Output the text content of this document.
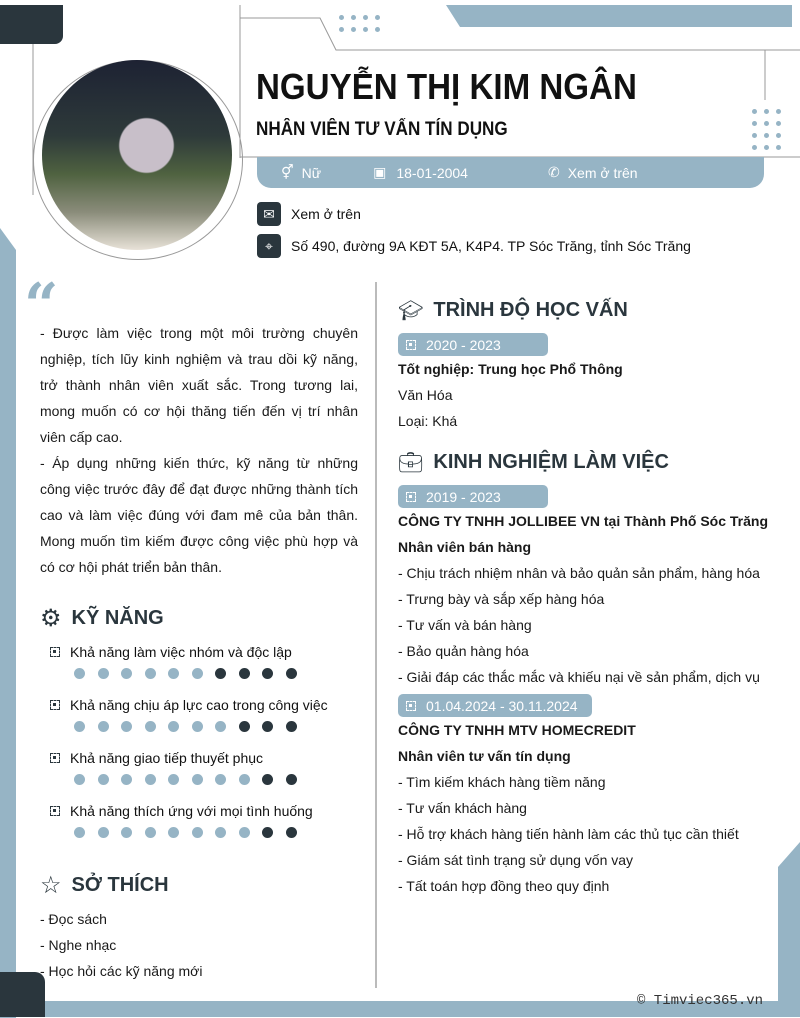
NGUYỄN THỊ KIM NGÂN
NHÂN VIÊN TƯ VẤN TÍN DỤNG
⚥ Nữ	▣ 18-01-2004	✆ Xem ở trên
✉	Xem ở trên
⌖	Số 490, đường 9A KĐT 5A, K4P4. TP Sóc Trăng, tỉnh Sóc Trăng
“

- Được làm việc trong một môi trường chuyên nghiệp, tích lũy kinh nghiệm và trau dồi kỹ năng, trở thành nhân viên xuất sắc. Trong tương lai, mong muốn có cơ hội thăng tiến đến vị trí nhân viên cấp cao.

- Áp dụng những kiến thức, kỹ năng từ những công việc trước đây để đạt được những thành tích cao và làm việc đúng với đam mê của bản thân. Mong muốn tìm kiếm được công việc phù hợp và có cơ hội phát triển bản thân.

⚙ KỸ NĂNG
Khả năng làm việc nhóm và độc lập
Khả năng chịu áp lực cao trong công việc
Khả năng giao tiếp thuyết phục
Khả năng thích ứng với mọi tình huống
☆ SỞ THÍCH
- Đọc sách
- Nghe nhạc
- Học hỏi các kỹ năng mới
🎓︎ TRÌNH ĐỘ HỌC VẤN
2020 - 2023
Tốt nghiệp: Trung học Phổ Thông
Văn Hóa
Loại: Khá
💼︎ KINH NGHIỆM LÀM VIỆC
2019 - 2023
CÔNG TY TNHH JOLLIBEE VN tại Thành Phố Sóc Trăng
Nhân viên bán hàng
- Chịu trách nhiệm nhân và bảo quản sản phẩm, hàng hóa
- Trưng bày và sắp xếp hàng hóa
- Tư vấn và bán hàng
- Bảo quản hàng hóa
- Giải đáp các thắc mắc và khiếu nại về sản phẩm, dịch vụ
01.04.2024 - 30.11.2024
CÔNG TY TNHH MTV HOMECREDIT
Nhân viên tư vấn tín dụng
- Tìm kiếm khách hàng tiềm năng
- Tư vấn khách hàng
- Hỗ trợ khách hàng tiến hành làm các thủ tục cần thiết
- Giám sát tình trạng sử dụng vốn vay
- Tất toán hợp đồng theo quy định
© Timviec365.vn
